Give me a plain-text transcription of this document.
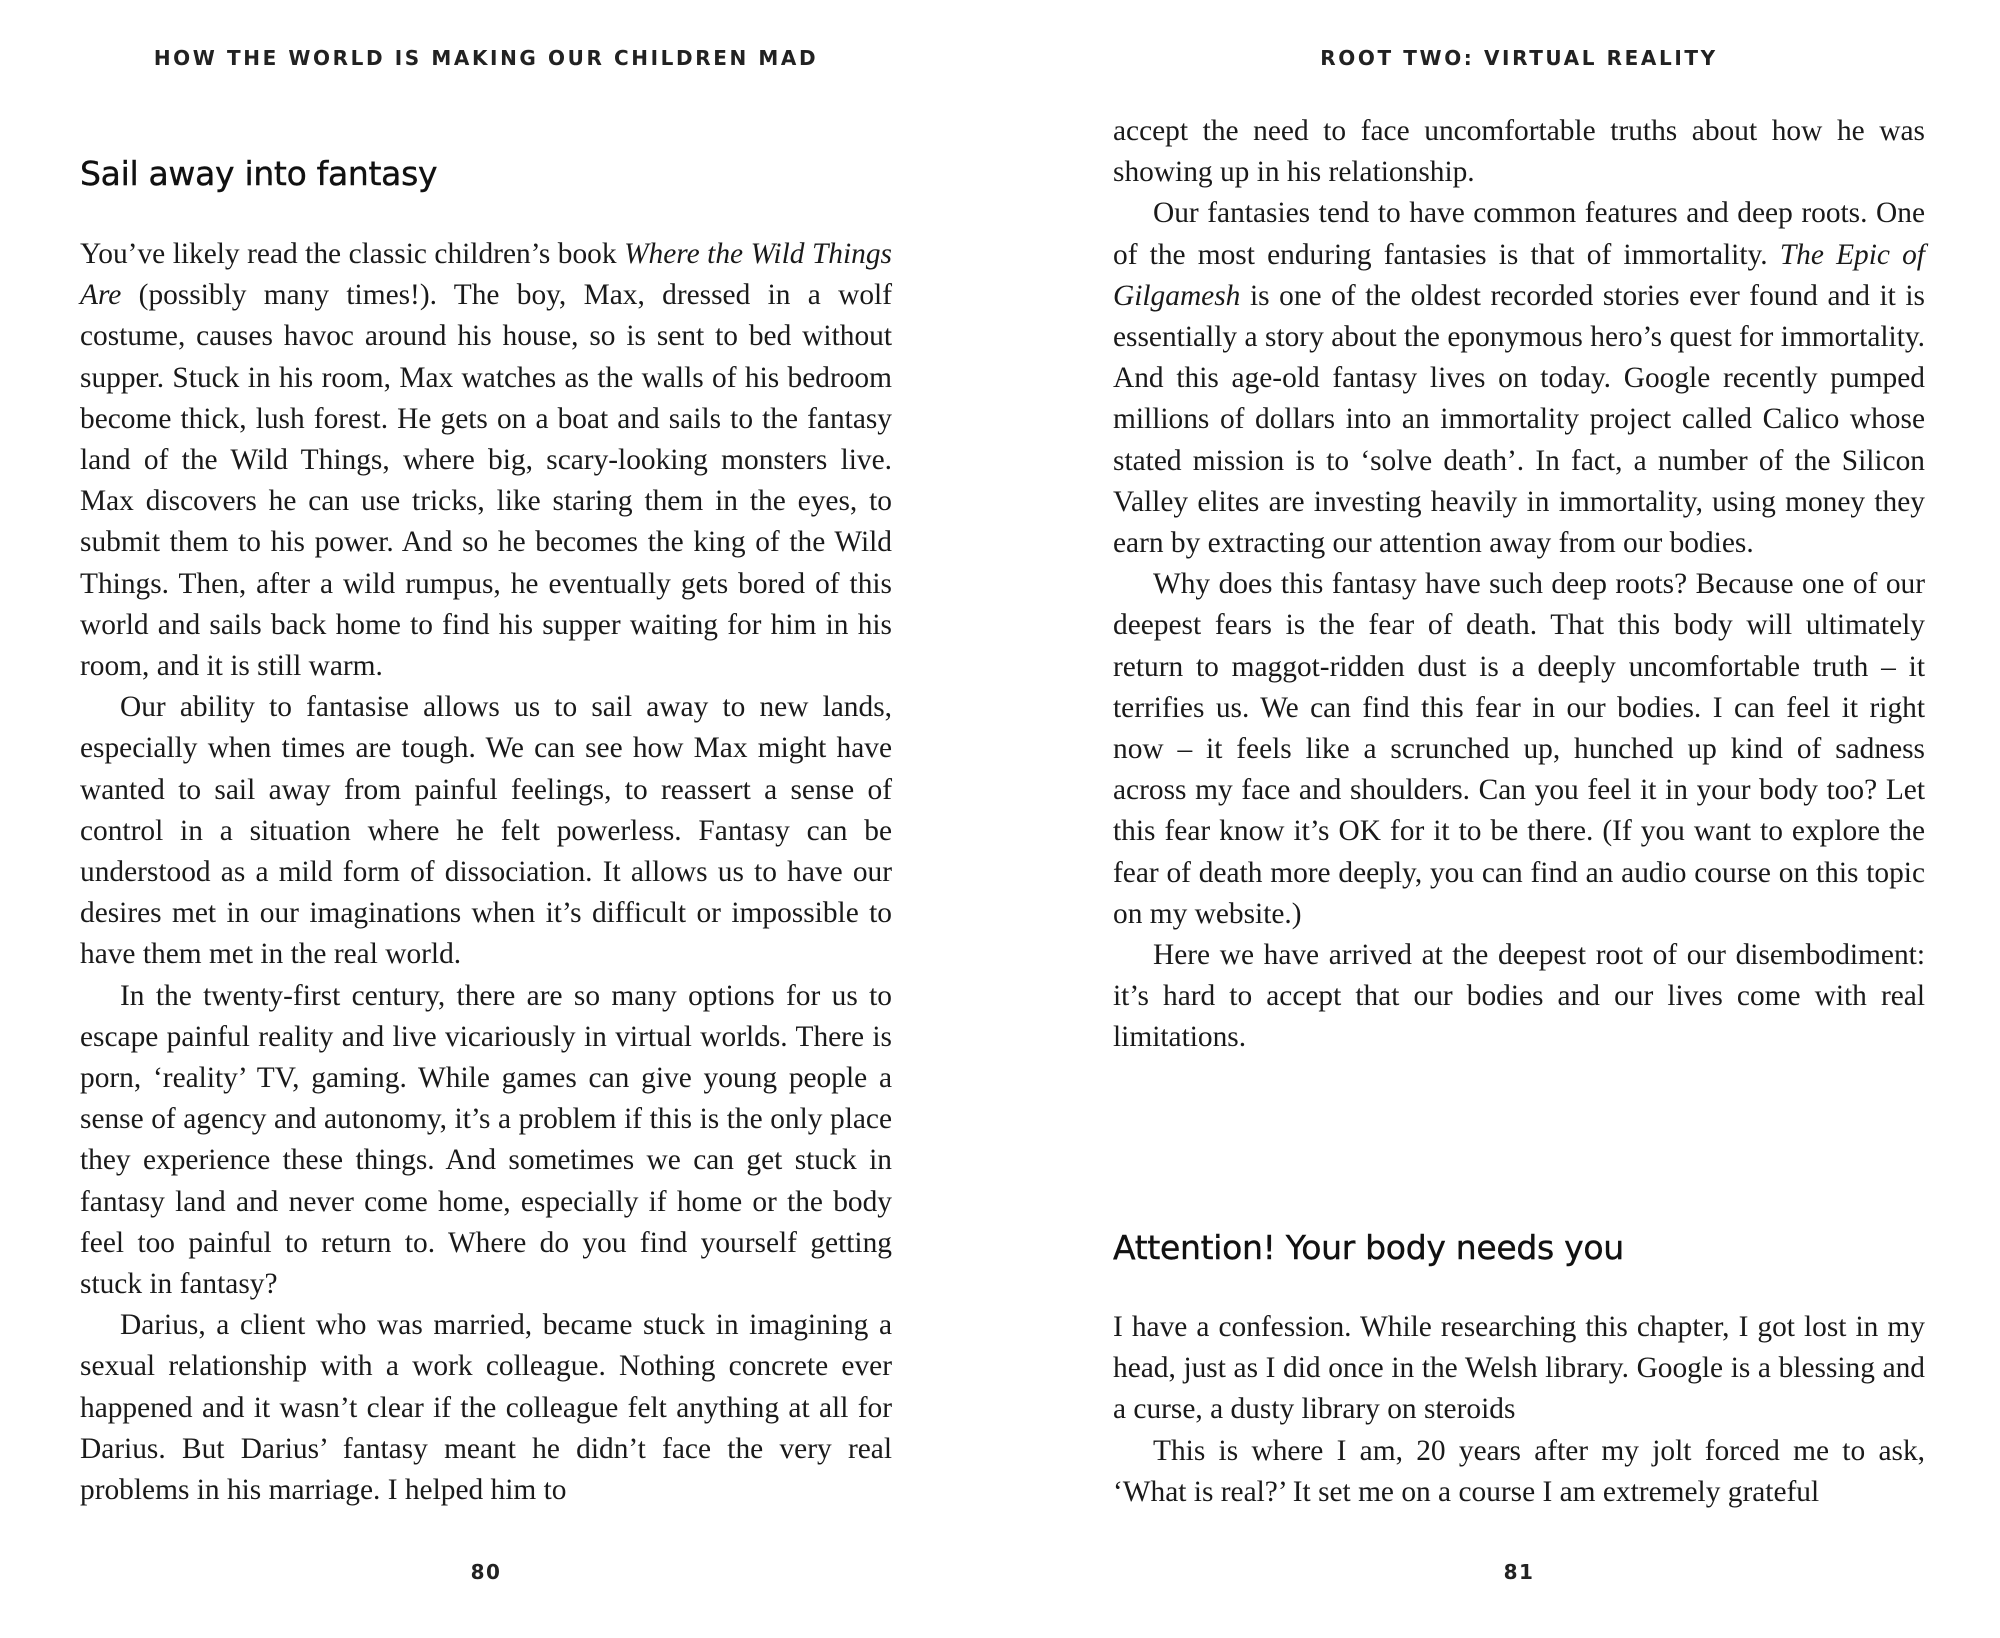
HOW THE WORLD IS MAKING OUR CHILDREN MAD
Sail away into fantasy

You’ve likely read the classic children’s book Where the Wild Things Are (possibly many times!). The boy, Max, dressed in a wolf costume, causes havoc around his house, so is sent to bed without supper. Stuck in his room, Max watches as the walls of his bedroom become thick, lush forest. He gets on a boat and sails to the fantasy land of the Wild Things, where big, scary-looking monsters live. Max discovers he can use tricks, like staring them in the eyes, to submit them to his power. And so he becomes the king of the Wild Things. Then, after a wild rumpus, he eventually gets bored of this world and sails back home to find his supper waiting for him in his room, and it is still warm.

Our ability to fantasise allows us to sail away to new lands, especially when times are tough. We can see how Max might have wanted to sail away from painful feelings, to reassert a sense of control in a situation where he felt powerless. Fantasy can be understood as a mild form of dissociation. It allows us to have our desires met in our imaginations when it’s difficult or impossible to have them met in the real world.

In the twenty-first century, there are so many options for us to escape painful reality and live vicariously in virtual worlds. There is porn, ‘reality’ TV, gaming. While games can give young people a sense of agency and autonomy, it’s a problem if this is the only place they experience these things. And sometimes we can get stuck in fantasy land and never come home, especially if home or the body feel too painful to return to. Where do you find yourself getting stuck in fantasy?

Darius, a client who was married, became stuck in imagining a sexual relationship with a work colleague. Nothing concrete ever happened and it wasn’t clear if the colleague felt anything at all for Darius. But Darius’ fantasy meant he didn’t face the very real problems in his marriage. I helped him to

80
ROOT TWO: VIRTUAL REALITY

accept the need to face uncomfortable truths about how he was showing up in his relationship.

Our fantasies tend to have common features and deep roots. One of the most enduring fantasies is that of immortality. The Epic of Gilgamesh is one of the oldest recorded stories ever found and it is essentially a story about the eponymous hero’s quest for immortality. And this age-old fantasy lives on today. Google recently pumped millions of dollars into an immortality project called Calico whose stated mission is to ‘solve death’. In fact, a number of the Silicon Valley elites are investing heavily in immortality, using money they earn by extracting our attention away from our bodies.

Why does this fantasy have such deep roots? Because one of our deepest fears is the fear of death. That this body will ultimately return to maggot-ridden dust is a deeply uncomfortable truth – it terrifies us. We can find this fear in our bodies. I can feel it right now – it feels like a scrunched up, hunched up kind of sadness across my face and shoulders. Can you feel it in your body too? Let this fear know it’s OK for it to be there. (If you want to explore the fear of death more deeply, you can find an audio course on this topic on my website.)

Here we have arrived at the deepest root of our disembodiment: it’s hard to accept that our bodies and our lives come with real limitations.

Attention! Your body needs you

I have a confession. While researching this chapter, I got lost in my head, just as I did once in the Welsh library. Google is a blessing and a curse, a dusty library on steroids

This is where I am, 20 years after my jolt forced me to ask, ‘What is real?’ It set me on a course I am extremely grateful

81
